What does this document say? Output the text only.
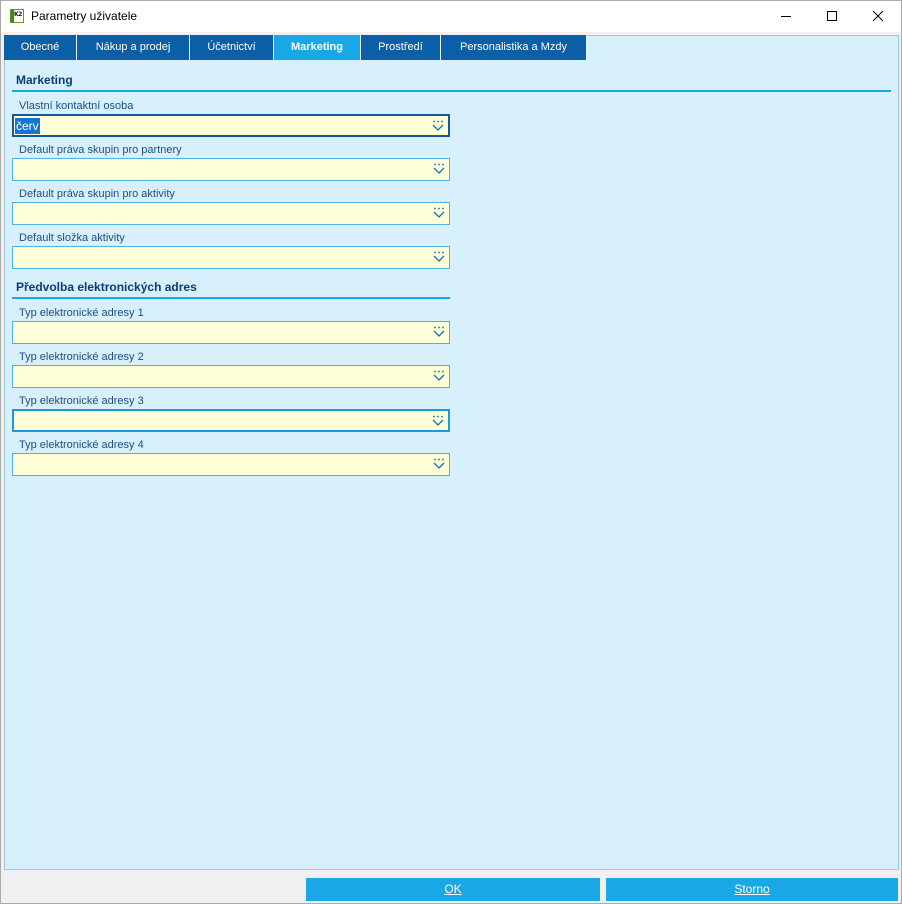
K2 Parametry uživatele
Obecné	Nákup a prodej	Účetnictví	Marketing	Prostředí	Personalistika a Mzdy
Marketing
Vlastní kontaktní osoba
červ
Default práva skupin pro partnery
Default práva skupin pro aktivity
Default složka aktivity
Předvolba elektronických adres
Typ elektronické adresy 1
Typ elektronické adresy 2
Typ elektronické adresy 3
Typ elektronické adresy 4
OK	Storno
